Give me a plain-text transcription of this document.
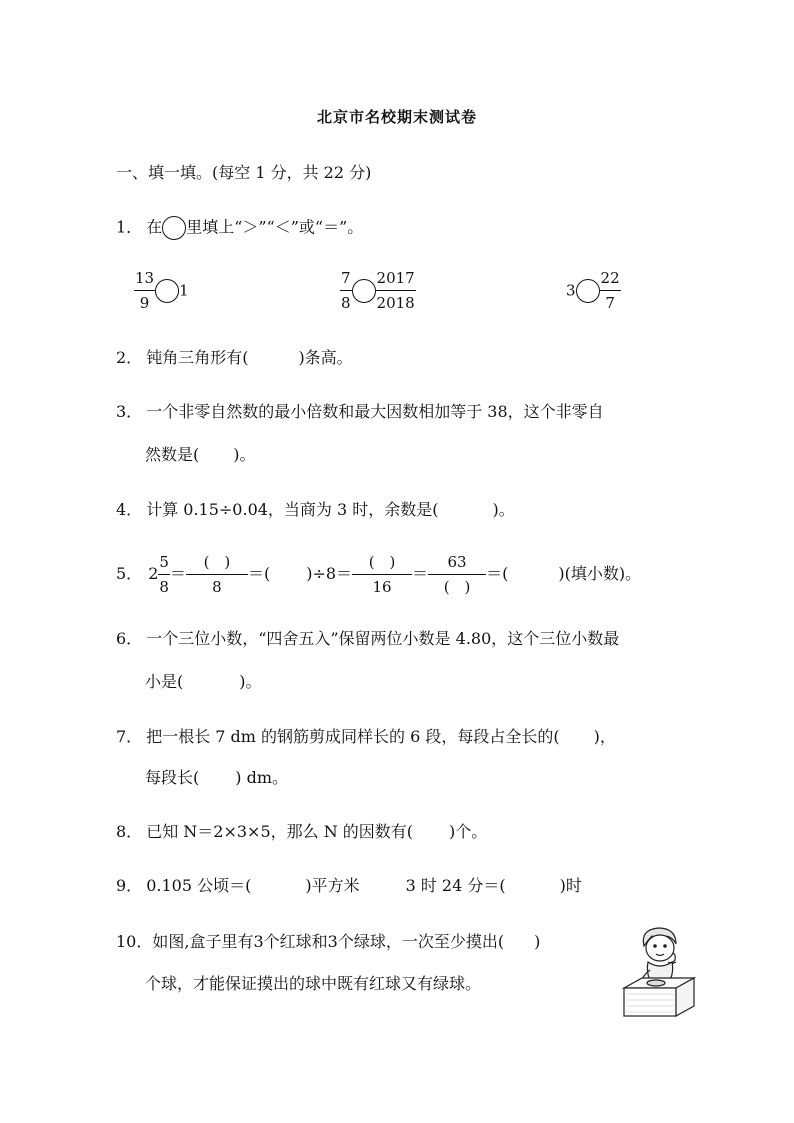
北京市名校期末测试卷
一、填一填。(每空 1 分，共 22 分)
1． 在 里填上“＞”“＜”或“＝”。
$\frac{13}{9} 1$	$\frac{7}{8} \frac{2017}{2018}$	$3 \frac{22}{7}$
2． 钝角三角形有(	)条高。
3． 一个非零自然数的最小倍数和最大因数相加等于 38，这个非零自
然数是( )。
4． 计算 0.15÷0.04，当商为 3 时，余数是(	)。
5． $2 \frac{5}{8} = \frac{( )}{8}$ ＝ ( )$\div 8 = \frac{( )}{16} = \frac{63}{( )}$ ＝ (	)(填小数)。
6． 一个三位小数，“四舍五入”保留两位小数是 4.80，这个三位小数最
小是(	)。
7． 把一根长 7 dm 的钢筋剪成同样长的 6 段，每段占全长的( )，
每段长( ) dm。
8． 已知 N＝2×3×5，那么 N 的因数有( )个。
9． 0.105 公顷＝(	)平方米	3 时 24 分＝(	)时
10．如图,盒子里有3个红球和3个绿球，一次至少摸出( )
个球，才能保证摸出的球中既有红球又有绿球。
